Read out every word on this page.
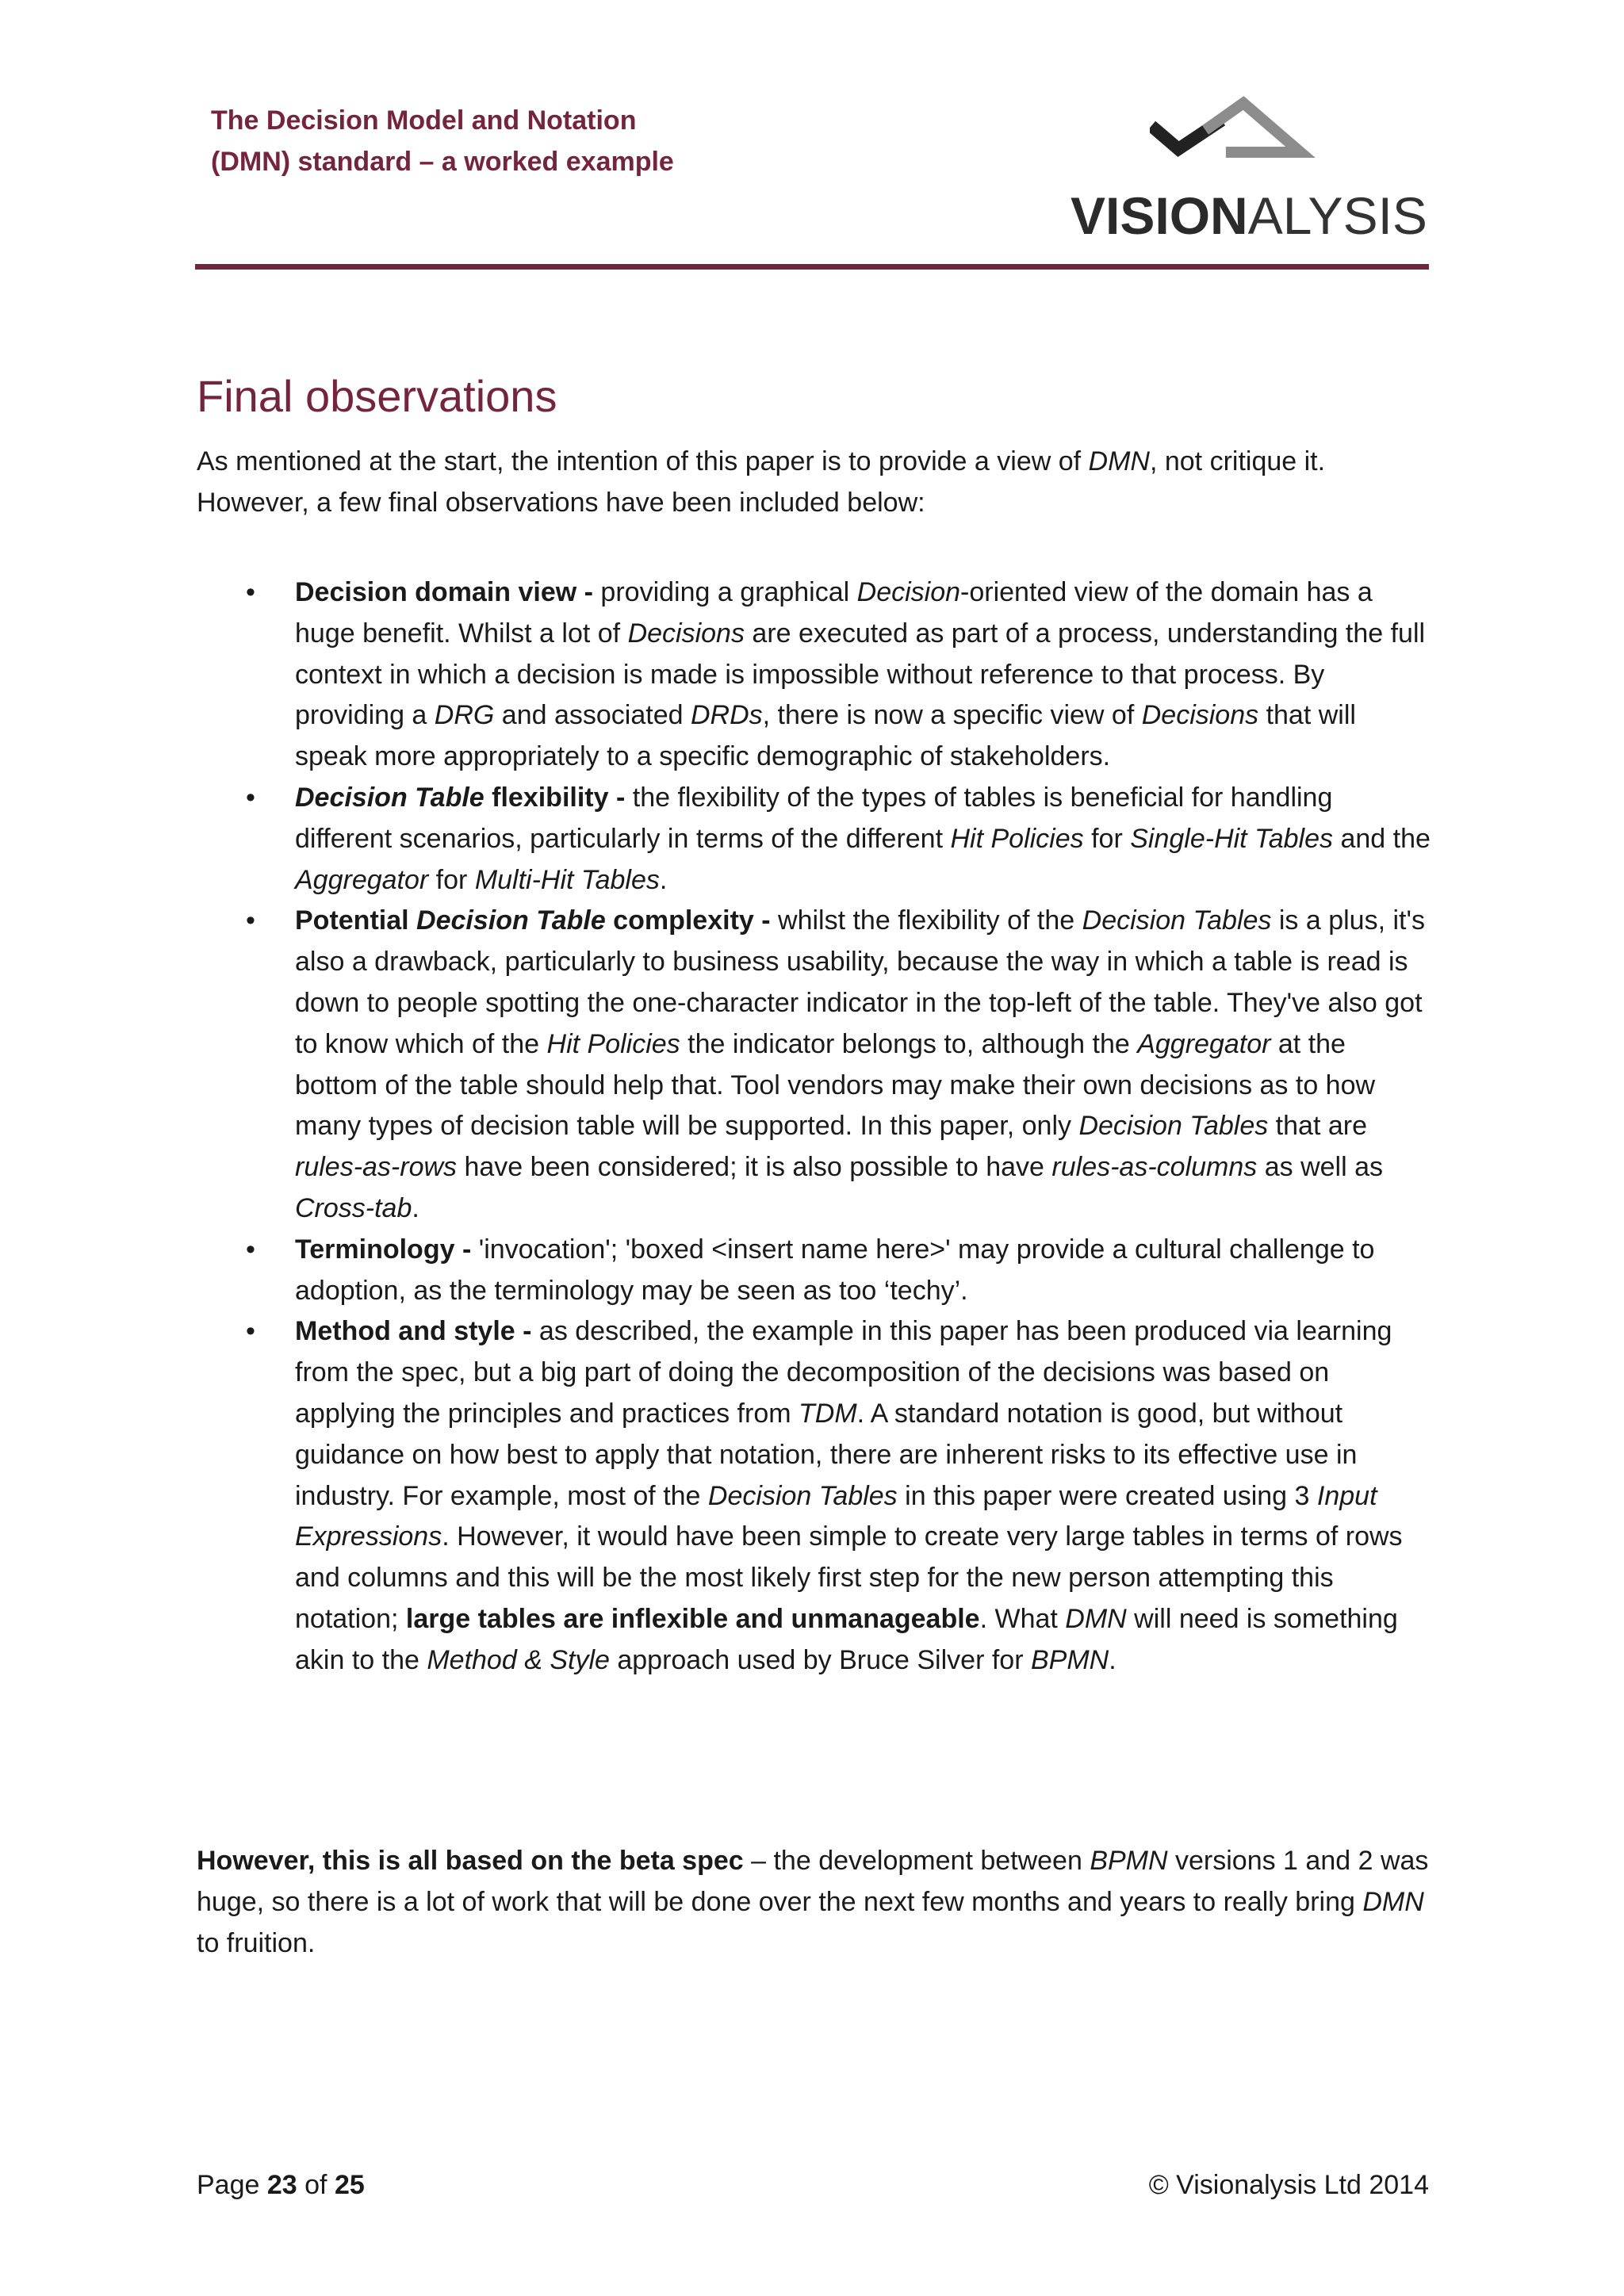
The Decision Model and Notation
(DMN) standard – a worked example
VISIONALYSIS
Final observations

As mentioned at the start, the intention of this paper is to provide a view of DMN, not critique it. However, a few final observations have been included below:

• Decision domain view - providing a graphical Decision-oriented view of the domain has a huge benefit. Whilst a lot of Decisions are executed as part of a process, understanding the full context in which a decision is made is impossible without reference to that process. By providing a DRG and associated DRDs, there is now a specific view of Decisions that will speak more appropriately to a specific demographic of stakeholders.
• Decision Table flexibility - the flexibility of the types of tables is beneficial for handling different scenarios, particularly in terms of the different Hit Policies for Single-Hit Tables and the Aggregator for Multi-Hit Tables.
• Potential Decision Table complexity - whilst the flexibility of the Decision Tables is a plus, it's also a drawback, particularly to business usability, because the way in which a table is read is down to people spotting the one-character indicator in the top-left of the table. They've also got to know which of the Hit Policies the indicator belongs to, although the Aggregator at the bottom of the table should help that. Tool vendors may make their own decisions as to how many types of decision table will be supported. In this paper, only Decision Tables that are rules-as-rows have been considered; it is also possible to have rules-as-columns as well as Cross-tab.
• Terminology - 'invocation'; 'boxed <insert name here>' may provide a cultural challenge to adoption, as the terminology may be seen as too ‘techy’.
• Method and style - as described, the example in this paper has been produced via learning from the spec, but a big part of doing the decomposition of the decisions was based on applying the principles and practices from TDM. A standard notation is good, but without guidance on how best to apply that notation, there are inherent risks to its effective use in industry. For example, most of the Decision Tables in this paper were created using 3 Input Expressions. However, it would have been simple to create very large tables in terms of rows and columns and this will be the most likely first step for the new person attempting this notation; large tables are inflexible and unmanageable. What DMN will need is something akin to the Method & Style approach used by Bruce Silver for BPMN.

However, this is all based on the beta spec – the development between BPMN versions 1 and 2 was huge, so there is a lot of work that will be done over the next few months and years to really bring DMN to fruition.

Page 23 of 25	© Visionalysis Ltd 2014
